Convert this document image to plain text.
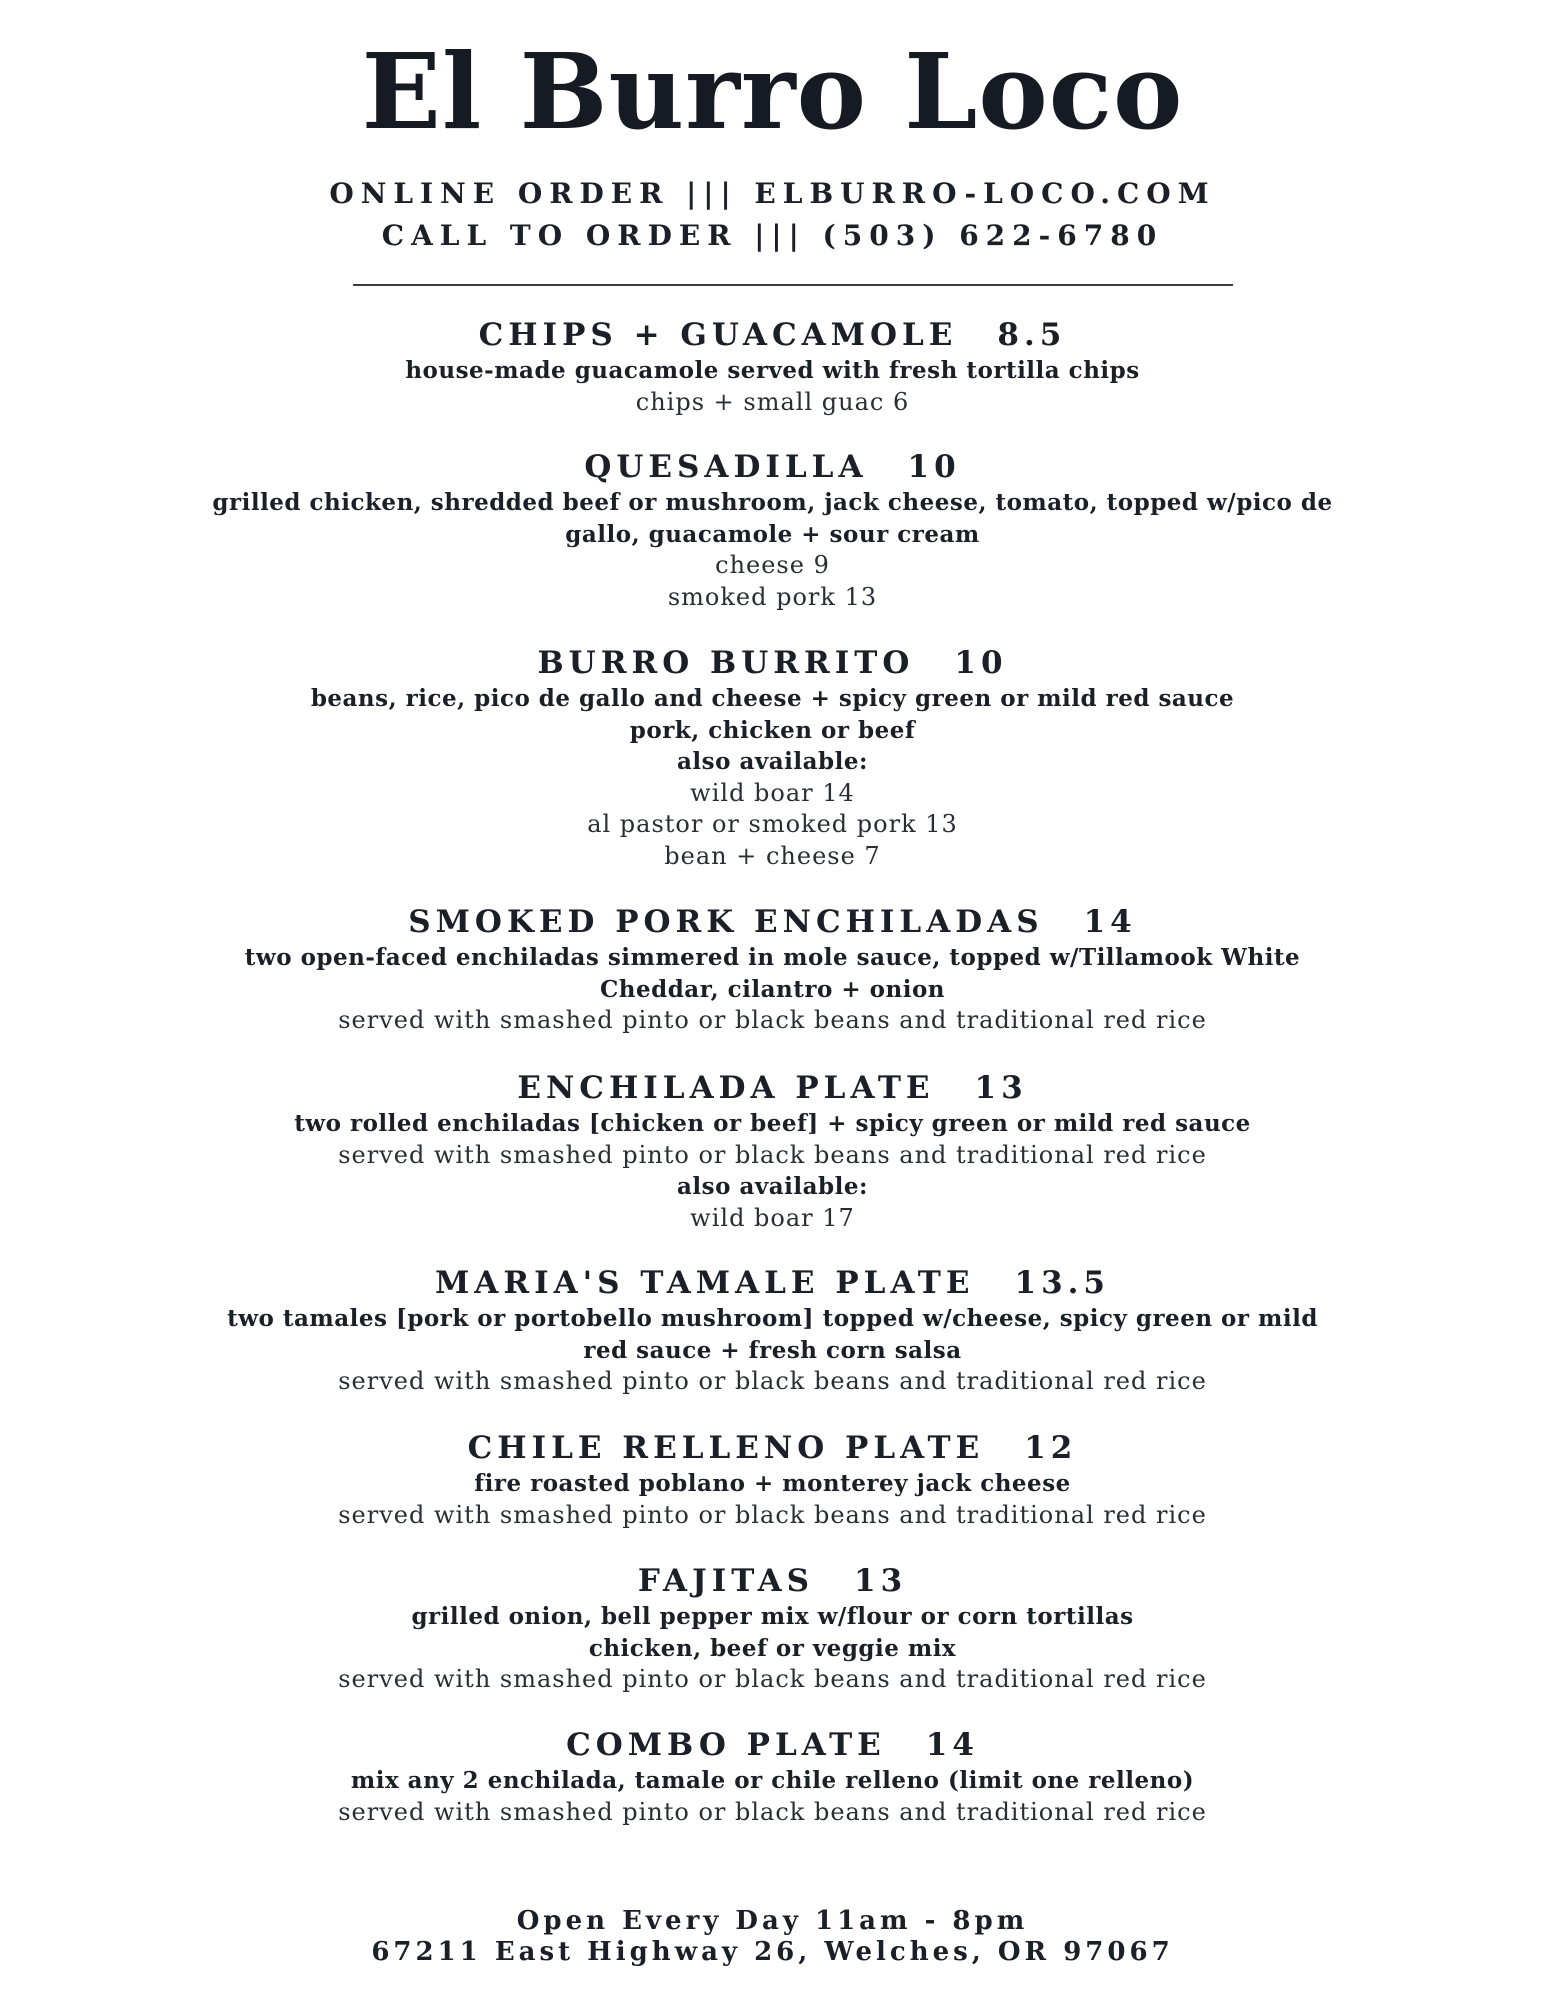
El Burro Loco
ONLINE ORDER ||| ELBURRO-LOCO.COM
CALL TO ORDER ||| (503) 622-6780
CHIPS + GUACAMOLE 8.5
house-made guacamole served with fresh tortilla chips
chips + small guac 6
QUESADILLA 10
grilled chicken, shredded beef or mushroom, jack cheese, tomato, topped w/pico de
gallo, guacamole + sour cream
cheese 9
smoked pork 13
BURRO BURRITO 10
beans, rice, pico de gallo and cheese + spicy green or mild red sauce
pork, chicken or beef
also available:
wild boar 14
al pastor or smoked pork 13
bean + cheese 7
SMOKED PORK ENCHILADAS 14
two open-faced enchiladas simmered in mole sauce, topped w/Tillamook White
Cheddar, cilantro + onion
served with smashed pinto or black beans and traditional red rice
ENCHILADA PLATE 13
two rolled enchiladas [chicken or beef] + spicy green or mild red sauce
served with smashed pinto or black beans and traditional red rice
also available:
wild boar 17
MARIA'S TAMALE PLATE 13.5
two tamales [pork or portobello mushroom] topped w/cheese, spicy green or mild
red sauce + fresh corn salsa
served with smashed pinto or black beans and traditional red rice
CHILE RELLENO PLATE 12
fire roasted poblano + monterey jack cheese
served with smashed pinto or black beans and traditional red rice
FAJITAS 13
grilled onion, bell pepper mix w/flour or corn tortillas
chicken, beef or veggie mix
served with smashed pinto or black beans and traditional red rice
COMBO PLATE 14
mix any 2 enchilada, tamale or chile relleno (limit one relleno)
served with smashed pinto or black beans and traditional red rice
Open Every Day 11am - 8pm
67211 East Highway 26, Welches, OR 97067
